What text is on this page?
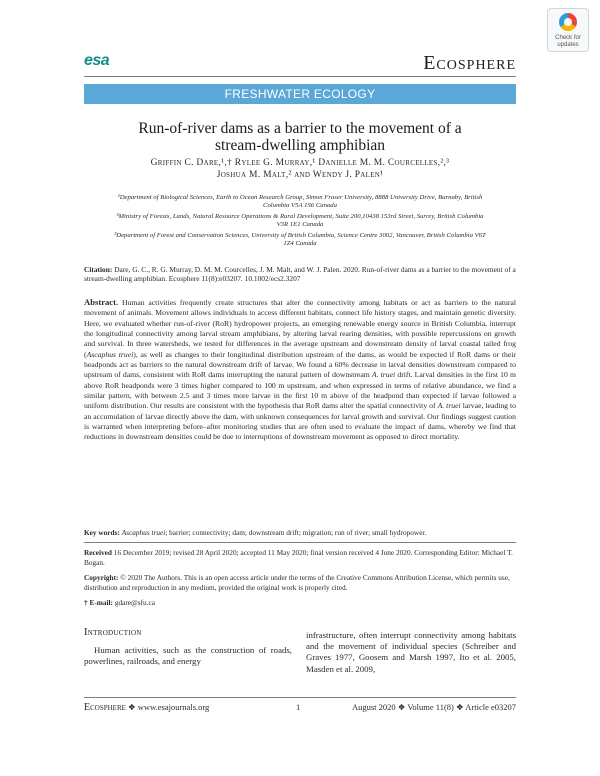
Check for
updates
esa	Ecosphere
FRESHWATER ECOLOGY
Run-of-river dams as a barrier to the movement of a
stream-dwelling amphibian
Griffin C. Dare,¹,† Rylee G. Murray,¹ Danielle M. M. Courcelles,²,³
Joshua M. Malt,² and Wendy J. Palen¹
¹Department of Biological Sciences, Earth to Ocean Research Group, Simon Fraser University, 8888 University Drive, Burnaby, British
Columbia V5A 1S6 Canada
²Ministry of Forests, Lands, Natural Resource Operations & Rural Development, Suite 200,10438 153rd Street, Surrey, British Columbia
V3R 1E1 Canada
³Department of Forest and Conservation Sciences, University of British Columbia, Science Centre 3002, Vancouver, British Columbia V6T
1Z4 Canada
Citation: Dare, G. C., R. G. Murray, D. M. M. Courcelles, J. M. Malt, and W. J. Palen. 2020. Run-of-river dams as a barrier to the movement of a stream-dwelling amphibian. Ecosphere 11(8):e03207. 10.1002/ecs2.3207
Abstract. Human activities frequently create structures that alter the connectivity among habitats or act as barriers to the natural movement of animals. Movement allows individuals to access different habitats, connect life history stages, and maintain genetic diversity. Here, we evaluated whether run-of-river (RoR) hydropower projects, an emerging renewable energy source in British Columbia, interrupt the longitudinal connectivity among larval stream amphibians, by altering larval rearing densities, with possible repercussions on growth and survival. In three watersheds, we tested for differences in the average upstream and downstream density of larval coastal tailed frog (Ascaphus truei), as well as changes to their longitudinal distribution upstream of the dams, as would be expected if RoR dams or their headponds act as barriers to the natural downstream drift of larvae. We found a 60% decrease in larval densities downstream compared to upstream of dams, consistent with RoR dams interrupting the natural pattern of downstream A. truei drift. Larval densities in the first 10 m above RoR headponds were 3 times higher compared to 100 m upstream, and when expressed in terms of relative abundance, we find a similar pattern, with between 2.5 and 3 times more larvae in the first 10 m above of the headpond than expected if larvae followed a uniform distribution. Our results are consistent with the hypothesis that RoR dams alter the spatial connectivity of A. truei larvae, leading to an accumulation of larvae directly above the dam, with unknown consequences for larval growth and survival. Our findings suggest caution is warranted when interpreting before–after monitoring studies that are often used to evaluate the impact of dams, whereby we find that reductions in downstream densities could be due to interruptions of downstream movement as opposed to direct mortality.
Key words: Ascaphus truei; barrier; connectivity; dam; downstream drift; migration; run of river; small hydropower.
Received 16 December 2019; revised 28 April 2020; accepted 11 May 2020; final version received 4 June 2020. Corresponding Editor: Michael T. Bogan.
Copyright: © 2020 The Authors. This is an open access article under the terms of the Creative Commons Attribution License, which permits use, distribution and reproduction in any medium, provided the original work is properly cited.
† E-mail: gdare@sfu.ca
Introduction
Human activities, such as the construction of roads, powerlines, railroads, and energy
infrastructure, often interrupt connectivity among habitats and the movement of individual species (Schreiber and Graves 1977, Goosem and Marsh 1997, Ito et al. 2005, Masden et al. 2009,
Ecosphere ❖ www.esajournals.org	1	August 2020 ❖ Volume 11(8) ❖ Article e03207
